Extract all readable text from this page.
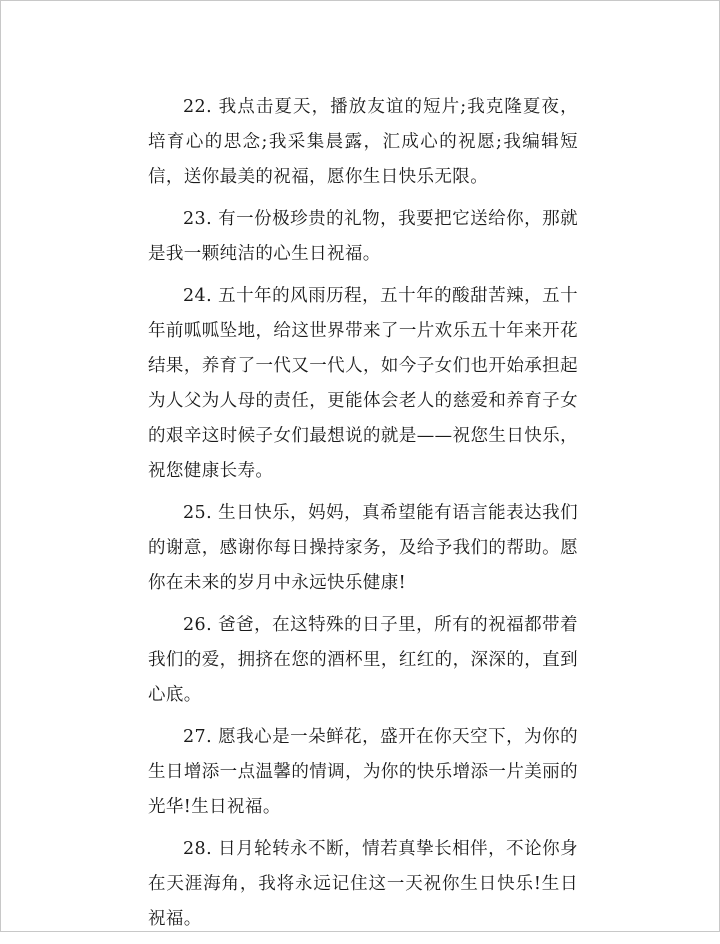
22. 我点击夏天，播放友谊的短片;我克隆夏夜，培育心的思念;我采集晨露，汇成心的祝愿;我编辑短信，送你最美的祝福，愿你生日快乐无限。

23. 有一份极珍贵的礼物，我要把它送给你，那就是我一颗纯洁的心生日祝福。

24. 五十年的风雨历程，五十年的酸甜苦辣，五十年前呱呱坠地，给这世界带来了一片欢乐五十年来开花结果，养育了一代又一代人，如今子女们也开始承担起为人父为人母的责任，更能体会老人的慈爱和养育子女的艰辛这时候子女们最想说的就是——祝您生日快乐，祝您健康长寿。

25. 生日快乐，妈妈，真希望能有语言能表达我们的谢意，感谢你每日操持家务，及给予我们的帮助。愿你在未来的岁月中永远快乐健康!

26. 爸爸，在这特殊的日子里，所有的祝福都带着我们的爱，拥挤在您的酒杯里，红红的，深深的，直到心底。

27. 愿我心是一朵鲜花，盛开在你天空下，为你的生日增添一点温馨的情调，为你的快乐增添一片美丽的光华!生日祝福。

28. 日月轮转永不断，情若真挚长相伴，不论你身在天涯海角，我将永远记住这一天祝你生日快乐!生日祝福。
